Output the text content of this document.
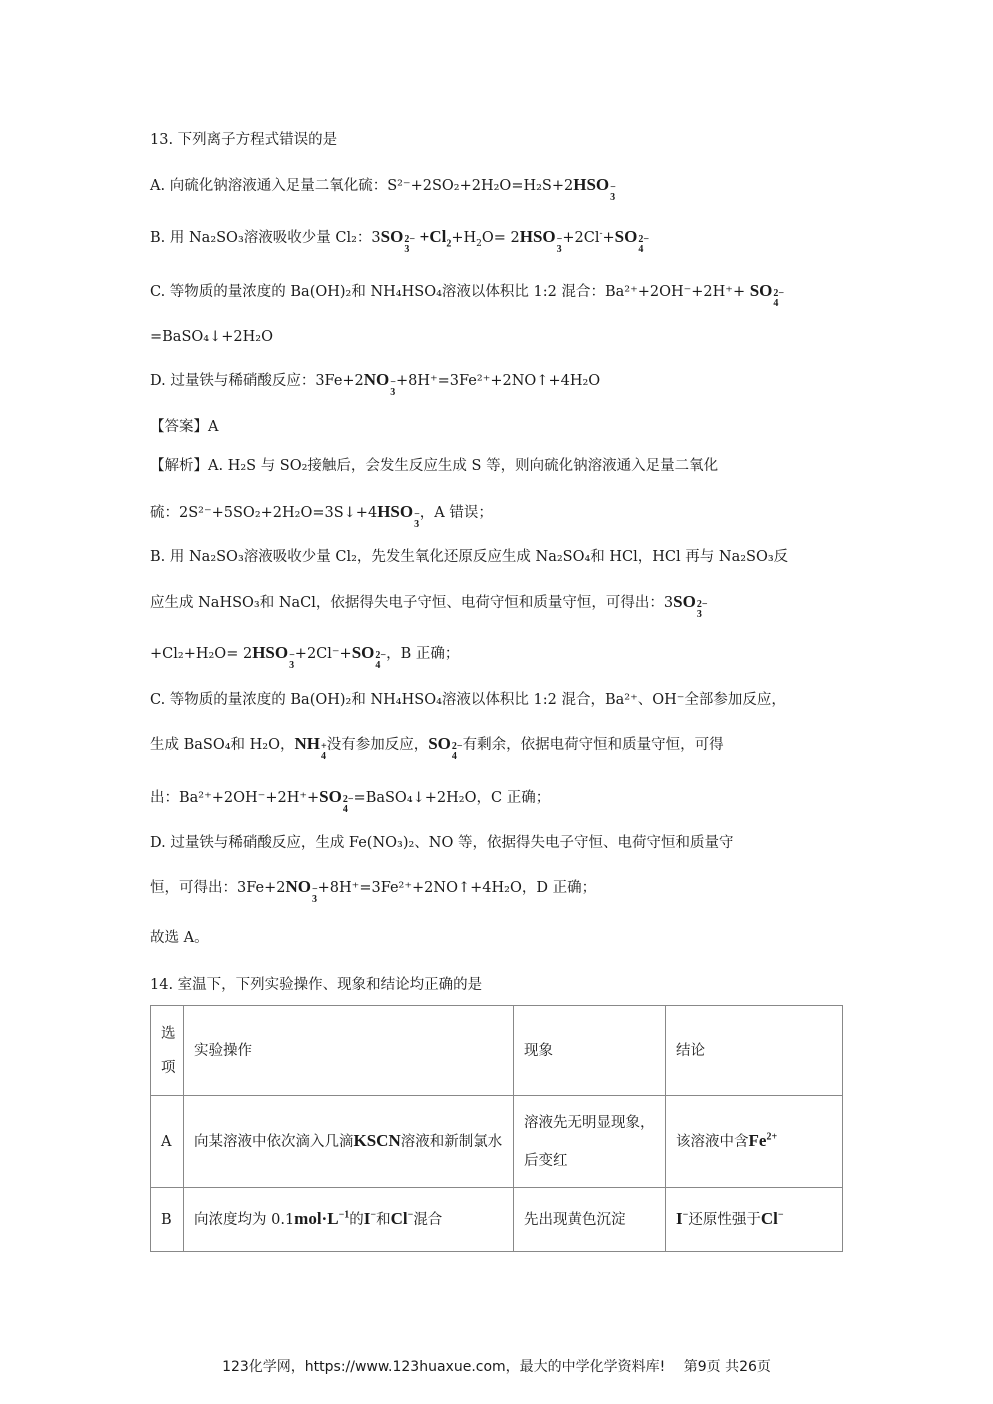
13. 下列离子方程式错误的是
A. 向硫化钠溶液通入足量二氧化硫：S²⁻+2SO₂+2H₂O=H₂S+2HSO −
3
B. 用 Na₂SO₃溶液吸收少量 Cl₂：3SO 2−
3
$+Cl_2+H_2O= 2HSO$ −
3
+2Cl-+SO 2−
4
C. 等物质的量浓度的 Ba(OH)₂和 NH₄HSO₄溶液以体积比 1:2 混合：Ba²⁺+2OH⁻+2H⁺+ SO 2−
4
=BaSO₄↓+2H₂O
D. 过量铁与稀硝酸反应：3Fe+2NO −
3
+8H⁺=3Fe²⁺+2NO↑+4H₂O
【答案】A
【解析】A. H₂S 与 SO₂接触后，会发生反应生成 S 等，则向硫化钠溶液通入足量二氧化
硫：2S²⁻+5SO₂+2H₂O=3S↓+4HSO −
3
，A 错误；
B. 用 Na₂SO₃溶液吸收少量 Cl₂，先发生氧化还原反应生成 Na₂SO₄和 HCl，HCl 再与 Na₂SO₃反
应生成 NaHSO₃和 NaCl，依据得失电子守恒、电荷守恒和质量守恒，可得出：3SO 2−
3
+Cl₂+H₂O= 2HSO −
3
+2Cl⁻+SO 2−
4
，B 正确；
C. 等物质的量浓度的 Ba(OH)₂和 NH₄HSO₄溶液以体积比 1:2 混合，Ba²⁺、OH⁻全部参加反应，
生成 BaSO₄和 H₂O，NH +
4
没有参加反应，SO 2−
4
有剩余，依据电荷守恒和质量守恒，可得
出：Ba²⁺+2OH⁻+2H⁺+SO 2−
4
=BaSO₄↓+2H₂O，C 正确；
D. 过量铁与稀硝酸反应，生成 Fe(NO₃)₂、NO 等，依据得失电子守恒、电荷守恒和质量守
恒，可得出：3Fe+2NO −
3
+8H⁺=3Fe²⁺+2NO↑+4H₂O，D 正确；
故选 A。
14. 室温下，下列实验操作、现象和结论均正确的是
选项	实验操作	现象	结论
A	向某溶液中依次滴入几滴KSCN溶液和新制氯水	溶液先无明显现象，后变红	该溶液中含$Fe^{2+}$
B	向浓度均为 $0.1mol\cdot L^{-1}$的I−和Cl−混合	先出现黄色沉淀	I−还原性强于Cl−
123化学网，https://www.123huaxue.com，最大的中学化学资料库!　 第9页 共26页
